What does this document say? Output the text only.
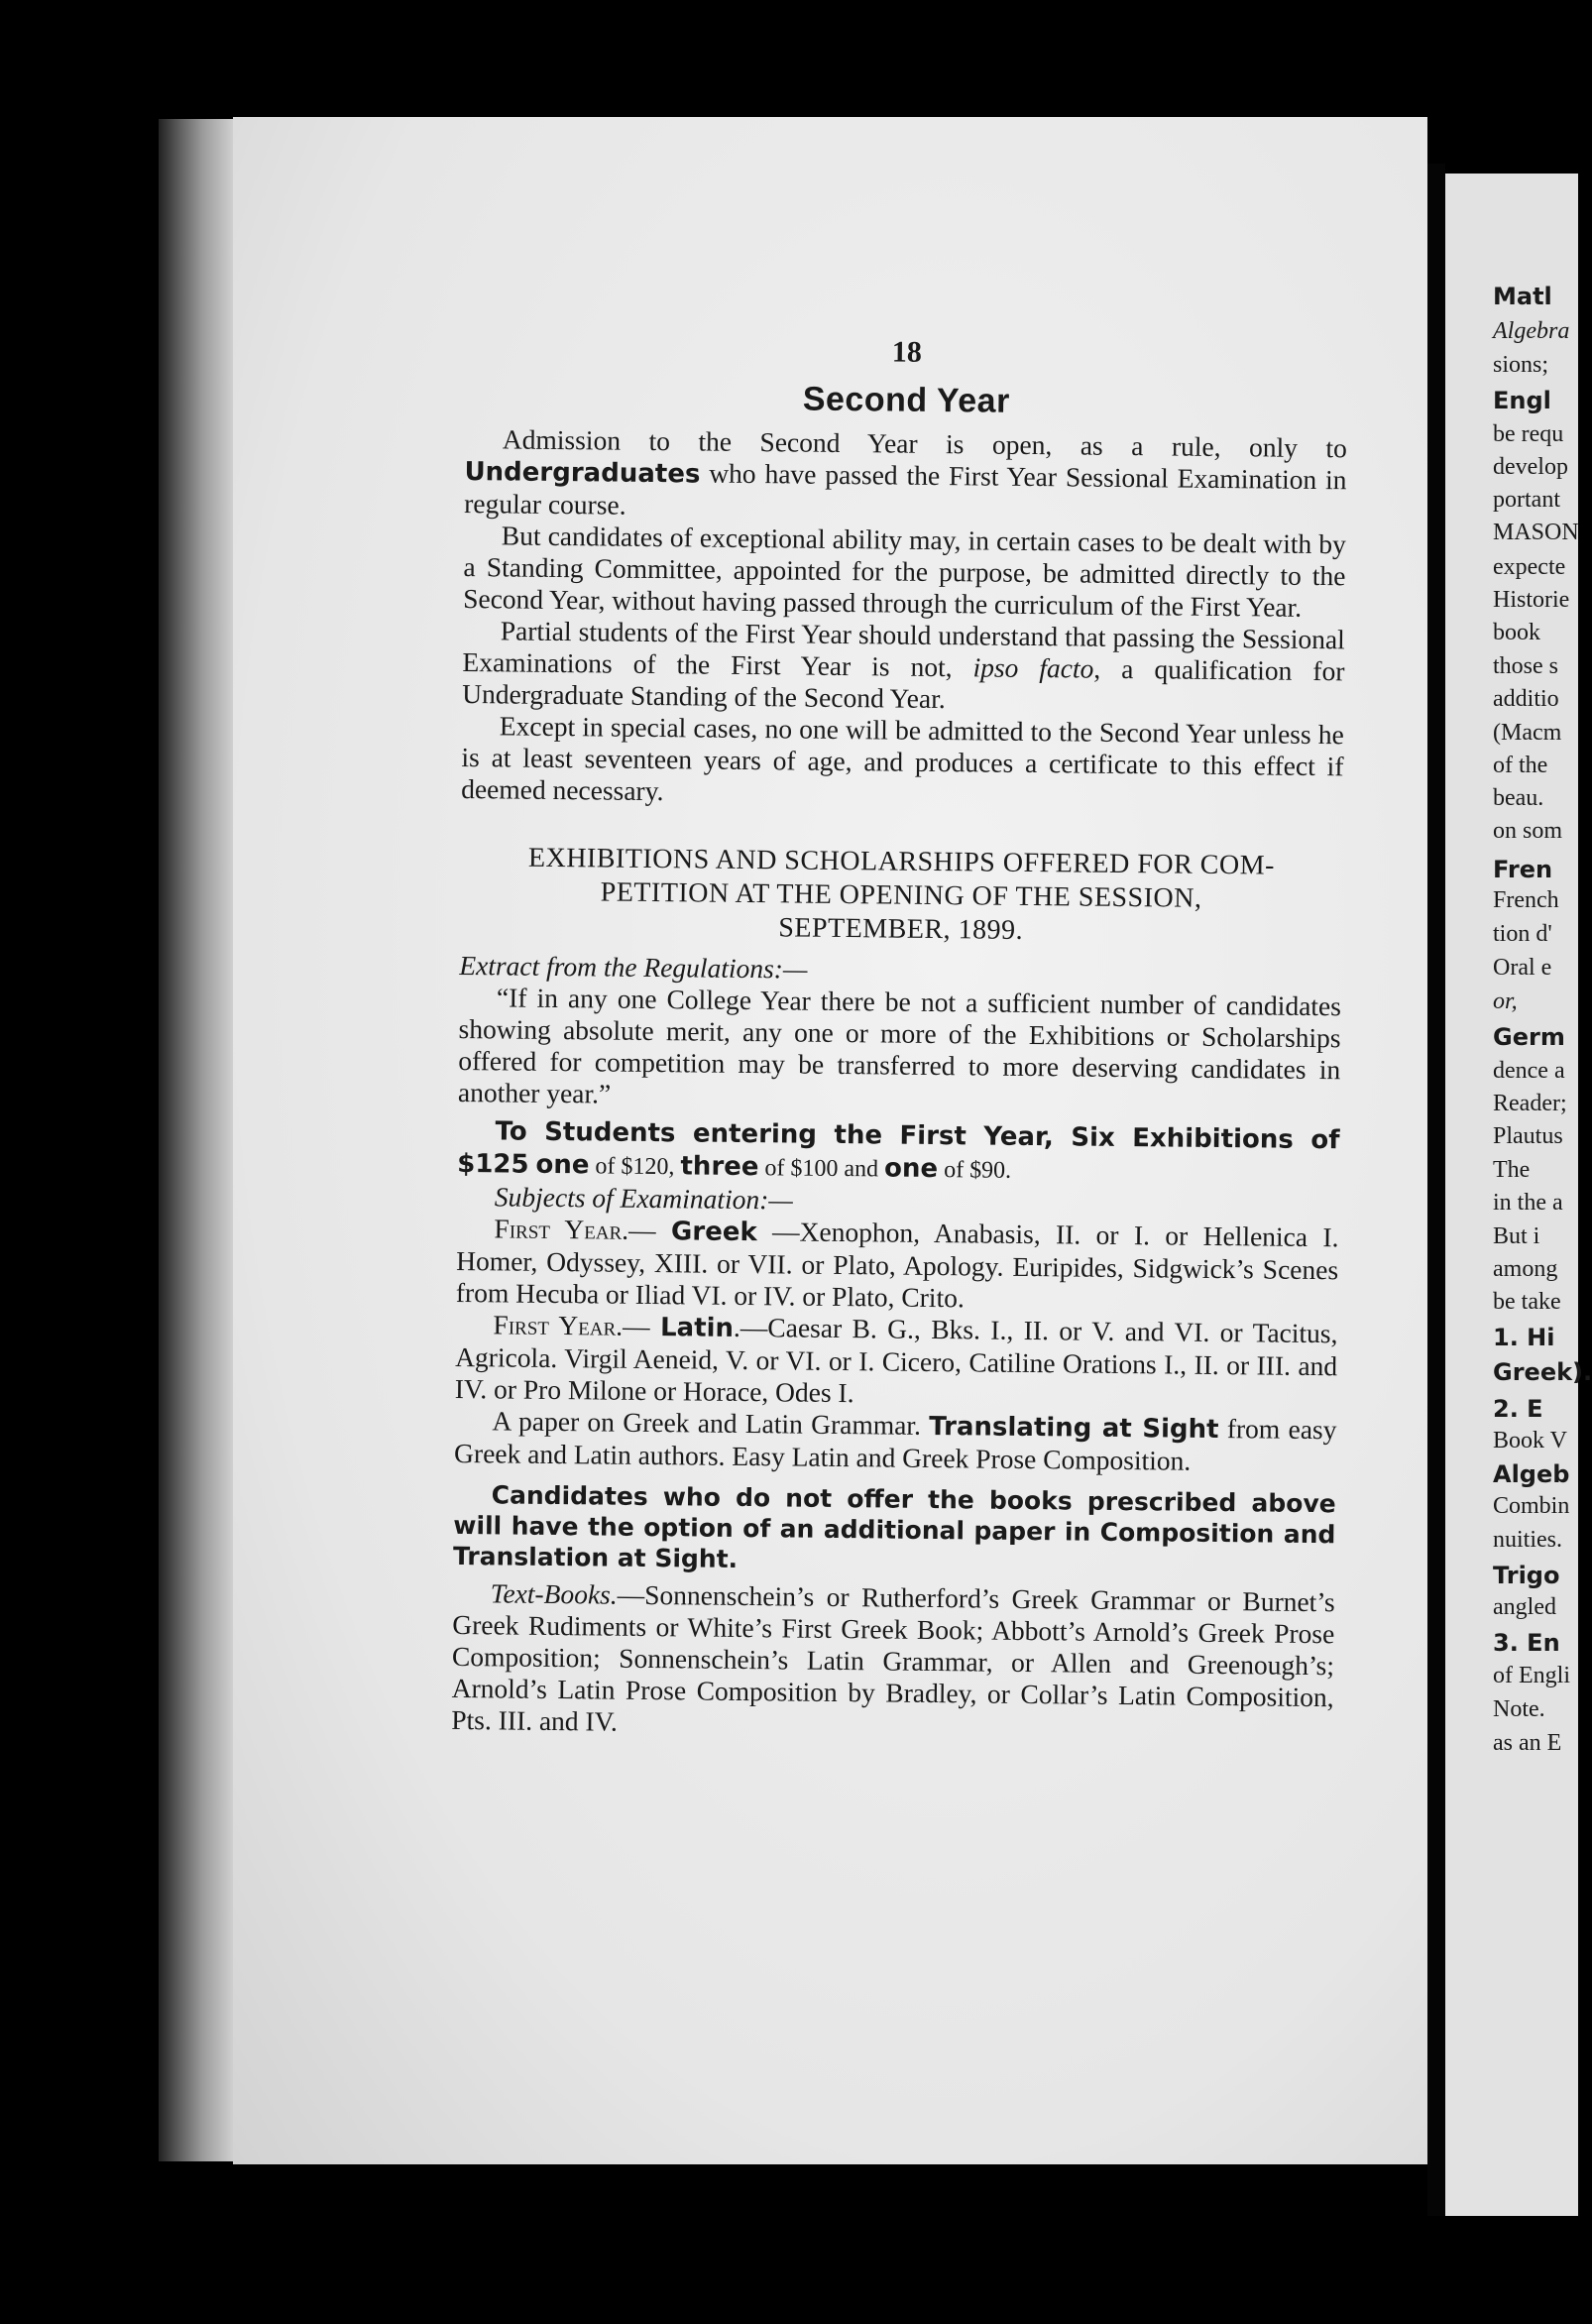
Matl
Algebra
sions;
Engl
be requ
develop
portant
MASON
expecte
Historie
book
those s
additio
(Macm
of the
beau.
on som
Fren
French
tion d'
Oral e
or,
Germ
dence a
Reader;
Plautus
The
in the a
But i
among
be take
1. Hi
Greek).
2. E
Book V
Algeb
Combin
nuities.
Trigo
angled
3. En
of Engli
Note.
as an E
18
Second Year

Admission to the Second Year is open, as a rule, only to Undergraduates who have passed the First Year Sessional Examination in regular course.

But candidates of exceptional ability may, in certain cases to be dealt with by a Standing Committee, appointed for the purpose, be admitted directly to the Second Year, without having passed through the curriculum of the First Year.

Partial students of the First Year should understand that passing the Sessional Examinations of the First Year is not, ipso facto, a qualification for Undergraduate Standing of the Second Year.

Except in special cases, no one will be admitted to the Second Year unless he is at least seventeen years of age, and produces a certificate to this effect if deemed necessary.

EXHIBITIONS AND SCHOLARSHIPS OFFERED FOR COM-
PETITION AT THE OPENING OF THE SESSION,
SEPTEMBER, 1899.

Extract from the Regulations:—

“If in any one College Year there be not a sufficient number of candidates showing absolute merit, any one or more of the Exhibitions or Scholarships offered for competition may be transferred to more deserving candidates in another year.”

To Students entering the First Year, Six Exhibitions of $125 one of $120, three of $100 and one of $90.

Subjects of Examination:—

First Year.— Greek —Xenophon, Anabasis, II. or I. or Hellenica I. Homer, Odyssey, XIII. or VII. or Plato, Apology. Euripides, Sidgwick’s Scenes from Hecuba or Iliad VI. or IV. or Plato, Crito.

First Year.— Latin.—Caesar B. G., Bks. I., II. or V. and VI. or Tacitus, Agricola. Virgil Aeneid, V. or VI. or I. Cicero, Catiline Orations I., II. or III. and IV. or Pro Milone or Horace, Odes I.

A paper on Greek and Latin Grammar. Translating at Sight from easy Greek and Latin authors. Easy Latin and Greek Prose Composition.

Candidates who do not offer the books prescribed above will have the option of an additional paper in Composition and Translation at Sight.

Text-Books.—Sonnenschein’s or Rutherford’s Greek Grammar or Burnet’s Greek Rudiments or White’s First Greek Book; Abbott’s Arnold’s Greek Prose Composition; Sonnenschein’s Latin Grammar, or Allen and Greenough’s; Arnold’s Latin Prose Composition by Bradley, or Collar’s Latin Composition, Pts. III. and IV.
